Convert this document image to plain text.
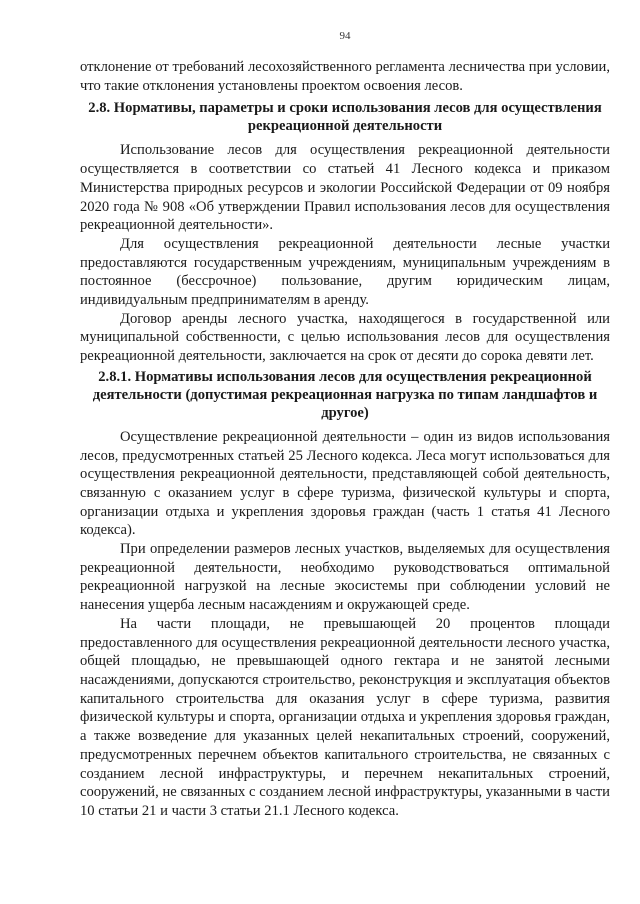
94

отклонение от требований лесохозяйственного регламента лесничества при условии, что такие отклонения установлены проектом освоения лесов.

2.8. Нормативы, параметры и сроки использования лесов для осуществления рекреационной деятельности

Использование лесов для осуществления рекреационной деятельности осуществляется в соответствии со статьей 41 Лесного кодекса и приказом Министерства природных ресурсов и экологии Российской Федерации от 09 ноября 2020 года № 908 «Об утверждении Правил использования лесов для осуществления рекреационной деятельности».

Для осуществления рекреационной деятельности лесные участки предоставляются государственным учреждениям, муниципальным учреждениям в постоянное (бессрочное) пользование, другим юридическим лицам, индивидуальным предпринимателям в аренду.

Договор аренды лесного участка, находящегося в государственной или муниципальной собственности, с целью использования лесов для осуществления рекреационной деятельности, заключается на срок от десяти до сорока девяти лет.

2.8.1. Нормативы использования лесов для осуществления рекреационной деятельности (допустимая рекреационная нагрузка по типам ландшафтов и другое)

Осуществление рекреационной деятельности – один из видов использования лесов, предусмотренных статьей 25 Лесного кодекса. Леса могут использоваться для осуществления рекреационной деятельности, представляющей собой деятельность, связанную с оказанием услуг в сфере туризма, физической культуры и спорта, организации отдыха и укрепления здоровья граждан (часть 1 статья 41 Лесного кодекса).

При определении размеров лесных участков, выделяемых для осуществления рекреационной деятельности, необходимо руководствоваться оптимальной рекреационной нагрузкой на лесные экосистемы при соблюдении условий не нанесения ущерба лесным насаждениям и окружающей среде.

На части площади, не превышающей 20 процентов площади предоставленного для осуществления рекреационной деятельности лесного участка, общей площадью, не превышающей одного гектара и не занятой лесными насаждениями, допускаются строительство, реконструкция и эксплуатация объектов капитального строительства для оказания услуг в сфере туризма, развития физической культуры и спорта, организации отдыха и укрепления здоровья граждан, а также возведение для указанных целей некапитальных строений, сооружений, предусмотренных перечнем объектов капитального строительства, не связанных с созданием лесной инфраструктуры, и перечнем некапитальных строений, сооружений, не связанных с созданием лесной инфраструктуры, указанными в части 10 статьи 21 и части 3 статьи 21.1 Лесного кодекса.
